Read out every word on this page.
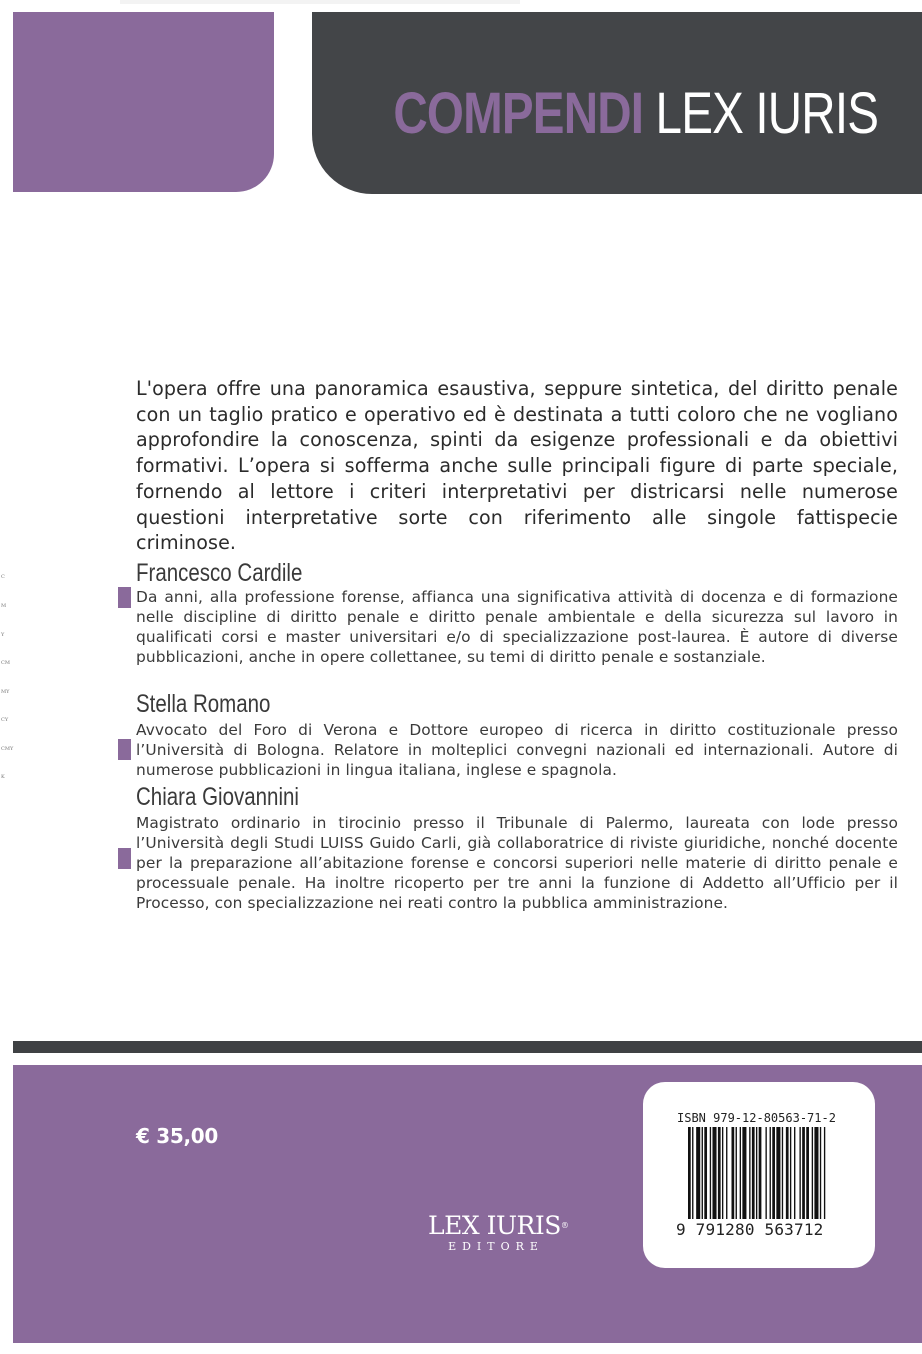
COMPENDI LEX IURIS
C
M
Y
CM
MY
CY
CMY
K

L'opera offre una panoramica esaustiva, seppure sintetica, del diritto penale con un taglio pratico e operativo ed è destinata a tutti coloro che ne vogliano approfondire la conoscenza, spinti da esigenze professionali e da obiettivi formativi. L’opera si sofferma anche sulle principali figure di parte speciale, fornendo al lettore i criteri interpretativi per districarsi nelle numerose questioni interpretative sorte con riferimento alle singole fattispecie criminose.

Francesco Cardile

Da anni, alla professione forense, affianca una significativa attività di docenza e di formazione nelle discipline di diritto penale e diritto penale ambientale e della sicurezza sul lavoro in qualificati corsi e master universitari e/o di specializzazione post-laurea. È autore di diverse pubblicazioni, anche in opere collettanee, su temi di diritto penale e sostanziale.

Stella Romano

Avvocato del Foro di Verona e Dottore europeo di ricerca in diritto costituzionale presso l’Università di Bologna. Relatore in molteplici convegni nazionali ed internazionali. Autore di numerose pubblicazioni in lingua italiana, inglese e spagnola.

Chiara Giovannini

Magistrato ordinario in tirocinio presso il Tribunale di Palermo, laureata con lode presso l’Università degli Studi LUISS Guido Carli, già collaboratrice di riviste giuridiche, nonché docente per la preparazione all’abitazione forense e concorsi superiori nelle materie di diritto penale e processuale penale. Ha inoltre ricoperto per tre anni la funzione di Addetto all’Ufficio per il Processo, con specializzazione nei reati contro la pubblica amministrazione.

€ 35,00

LEX IURIS®
EDITORE

ISBN 979-12-80563-71-2

9 791280 563712
